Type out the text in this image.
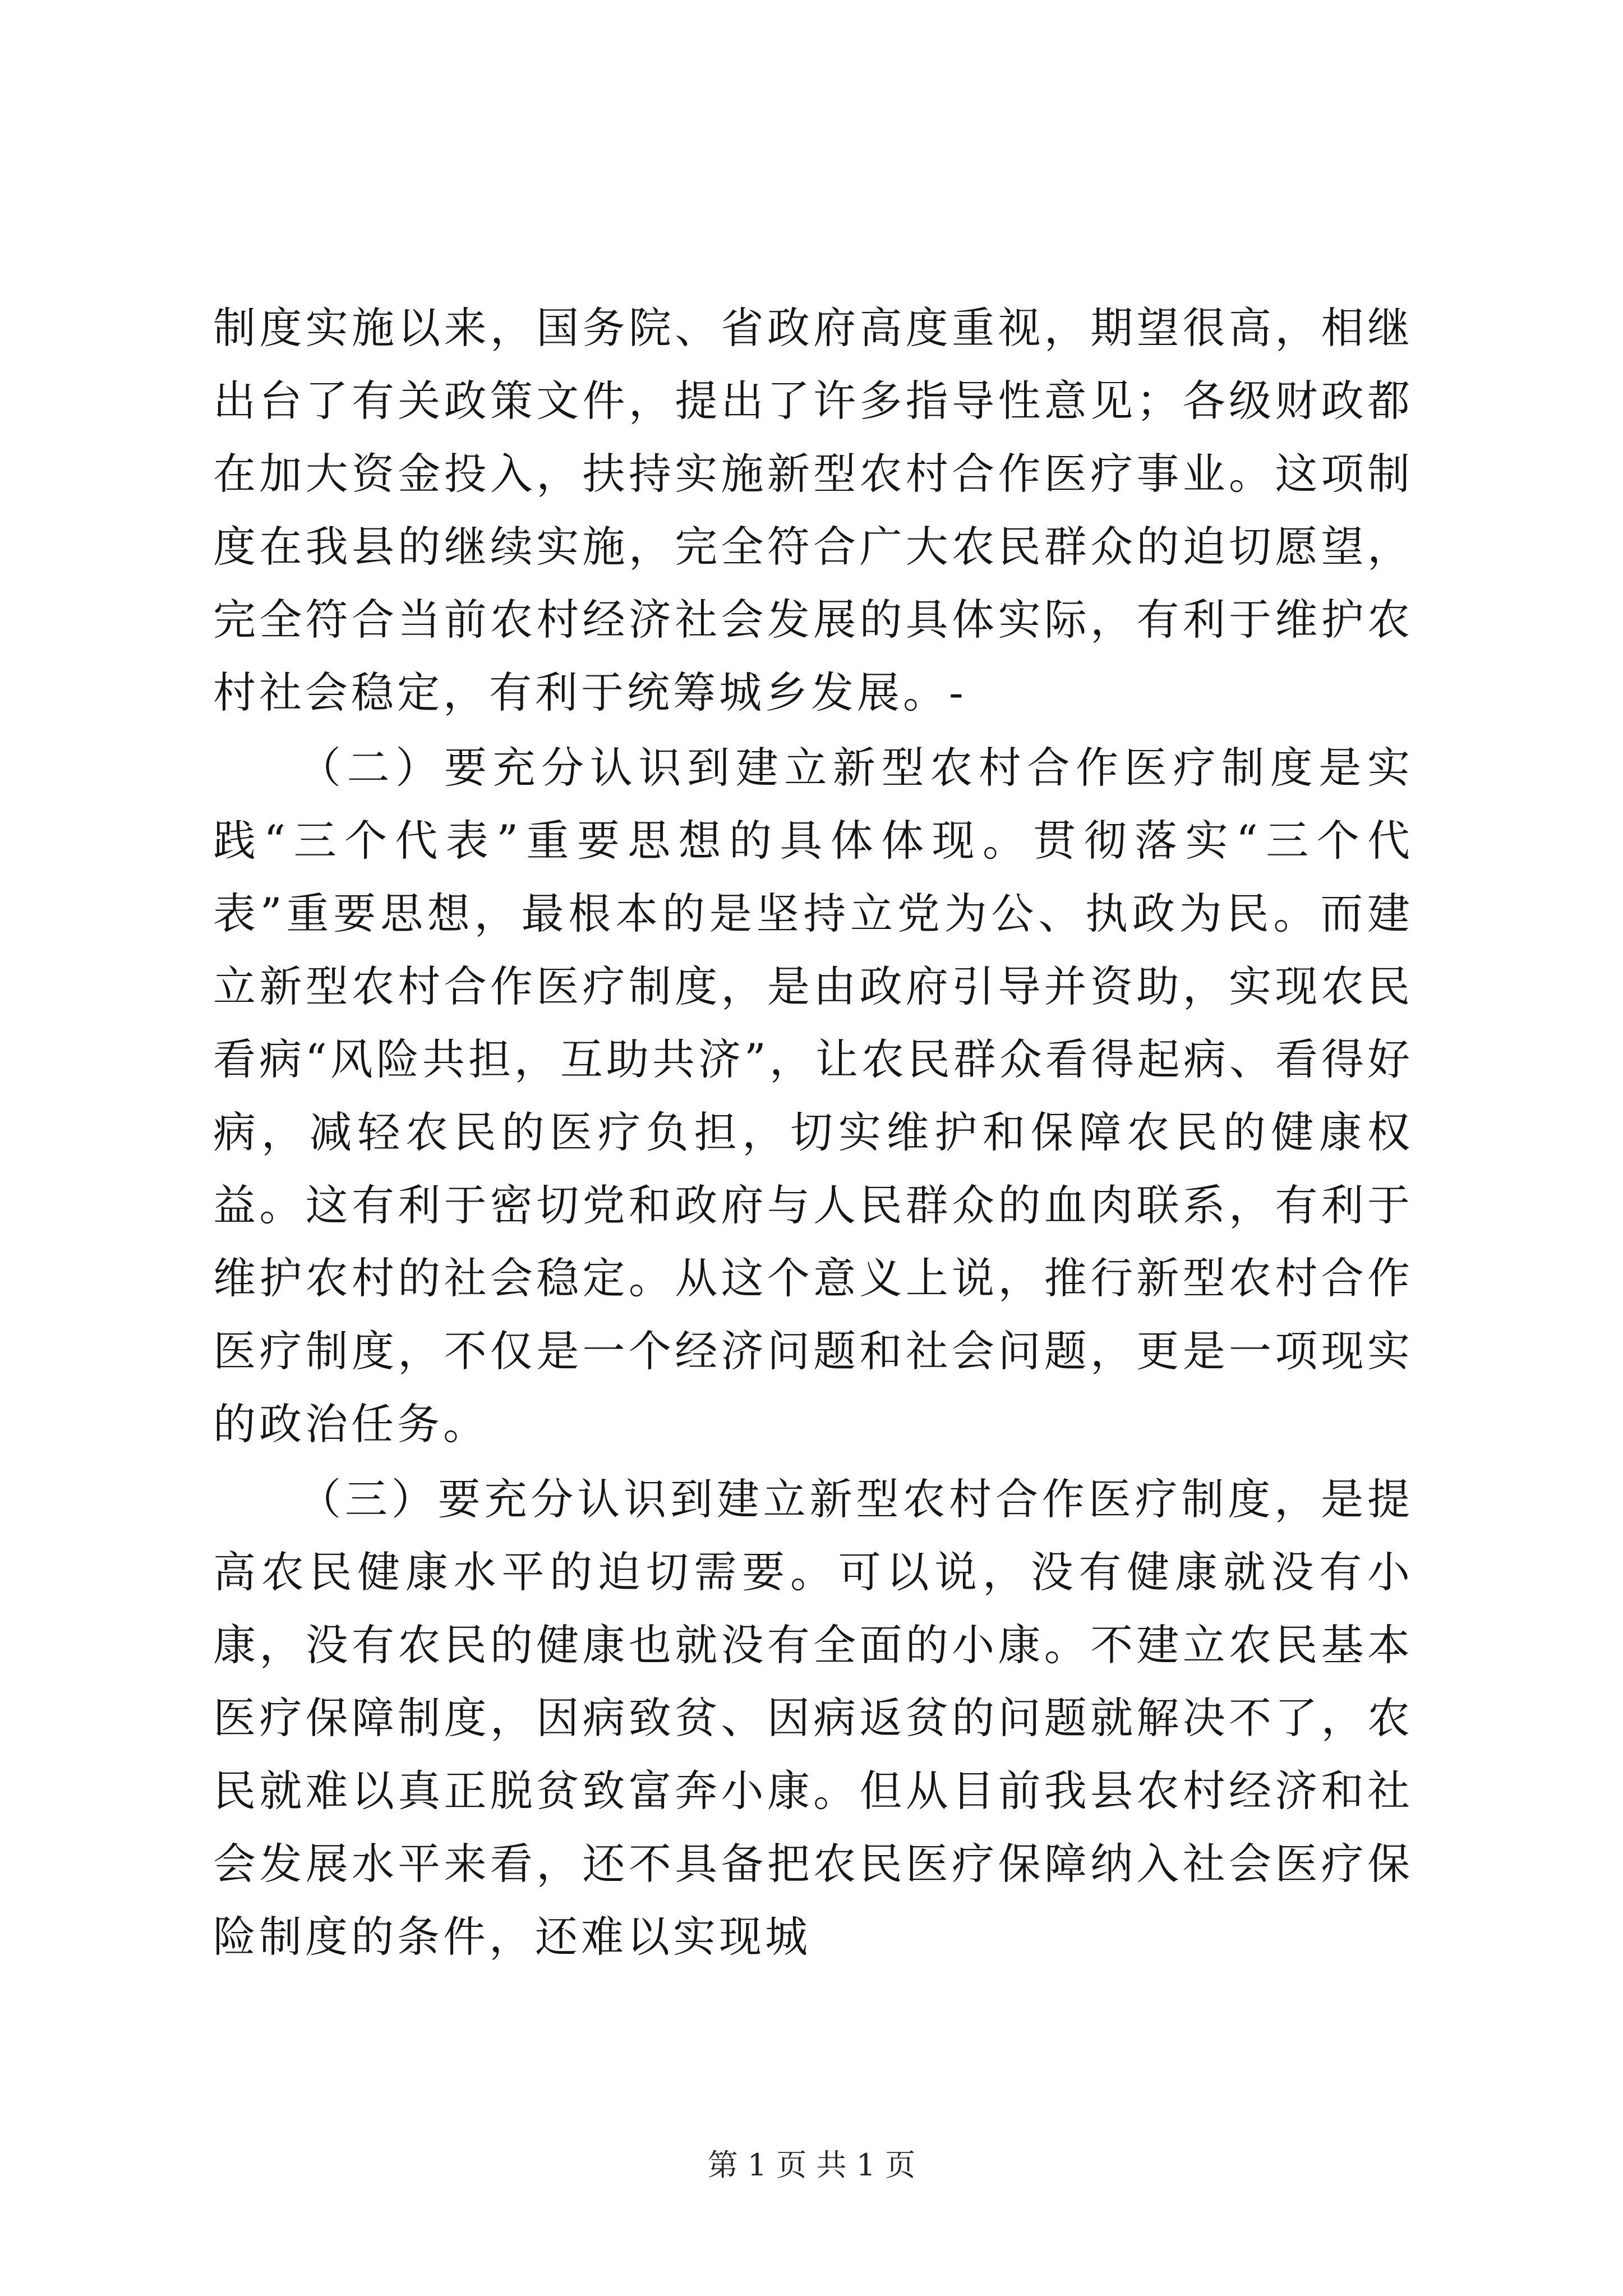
制度实施以来，国务院、省政府高度重视，期望很高，相继出台了有关政策文件，提出了许多指导性意见；各级财政都在加大资金投入，扶持实施新型农村合作医疗事业。这项制度在我县的继续实施，完全符合广大农民群众的迫切愿望，完全符合当前农村经济社会发展的具体实际，有利于维护农村社会稳定，有利于统筹城乡发展。-

（二）要充分认识到建立新型农村合作医疗制度是实践“三个代表”重要思想的具体体现。贯彻落实“三个代表”重要思想，最根本的是坚持立党为公、执政为民。而建立新型农村合作医疗制度，是由政府引导并资助，实现农民看病“风险共担，互助共济”，让农民群众看得起病、看得好病，减轻农民的医疗负担，切实维护和保障农民的健康权益。这有利于密切党和政府与人民群众的血肉联系，有利于维护农村的社会稳定。从这个意义上说，推行新型农村合作医疗制度，不仅是一个经济问题和社会问题，更是一项现实的政治任务。

（三）要充分认识到建立新型农村合作医疗制度，是提高农民健康水平的迫切需要。可以说，没有健康就没有小康，没有农民的健康也就没有全面的小康。不建立农民基本医疗保障制度，因病致贫、因病返贫的问题就解决不了，农民就难以真正脱贫致富奔小康。但从目前我县农村经济和社会发展水平来看，还不具备把农民医疗保障纳入社会医疗保险制度的条件，还难以实现城

第 1 页 共 1 页
